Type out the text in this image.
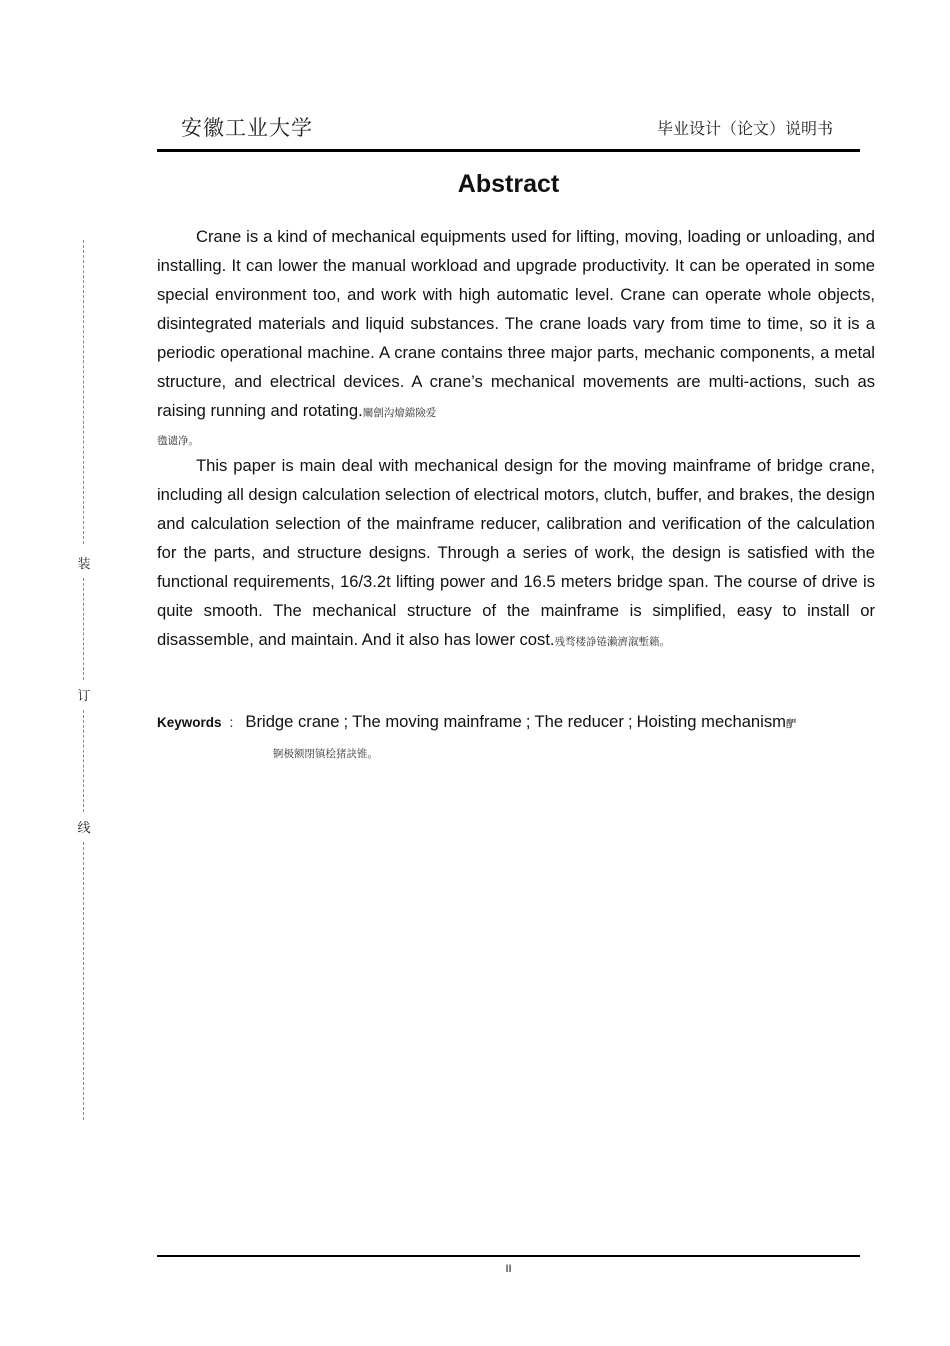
安徽工业大学	毕业设计（论文）说明书
Abstract

Crane is a kind of mechanical equipments used for lifting, moving, loading or unloading, and installing. It can lower the manual workload and upgrade productivity. It can be operated in some special environment too, and work with high automatic level. Crane can operate whole objects, disintegrated materials and liquid substances. The crane loads vary from time to time, so it is a periodic operational machine. A crane contains three major parts, mechanic components, a metal structure, and electrical devices. A crane’s mechanical movements are multi-actions, such as raising running and rotating.闡劊沟燴鐺險爱
氇谴净。

This paper is main deal with mechanical design for the moving mainframe of bridge crane, including all design calculation selection of electrical motors, clutch, buffer, and brakes, the design and calculation selection of the mainframe reducer, calibration and verification of the calculation for the parts, and structure designs. Through a series of work, the design is satisfied with the functional requirements, 16/3.2t lifting power and 16.5 meters bridge span. The course of drive is quite smooth. The mechanical structure of the mainframe is simplified, easy to install or disassemble, and maintain. And it also has lower cost.残骛楼諍锩瀨濟溆塹籟。

Keywords : Bridge crane ; The moving mainframe ; The reducer ; Hoisting mechanism酽
锕极额閉镇桧猪訣锥。
装
订
线
II
